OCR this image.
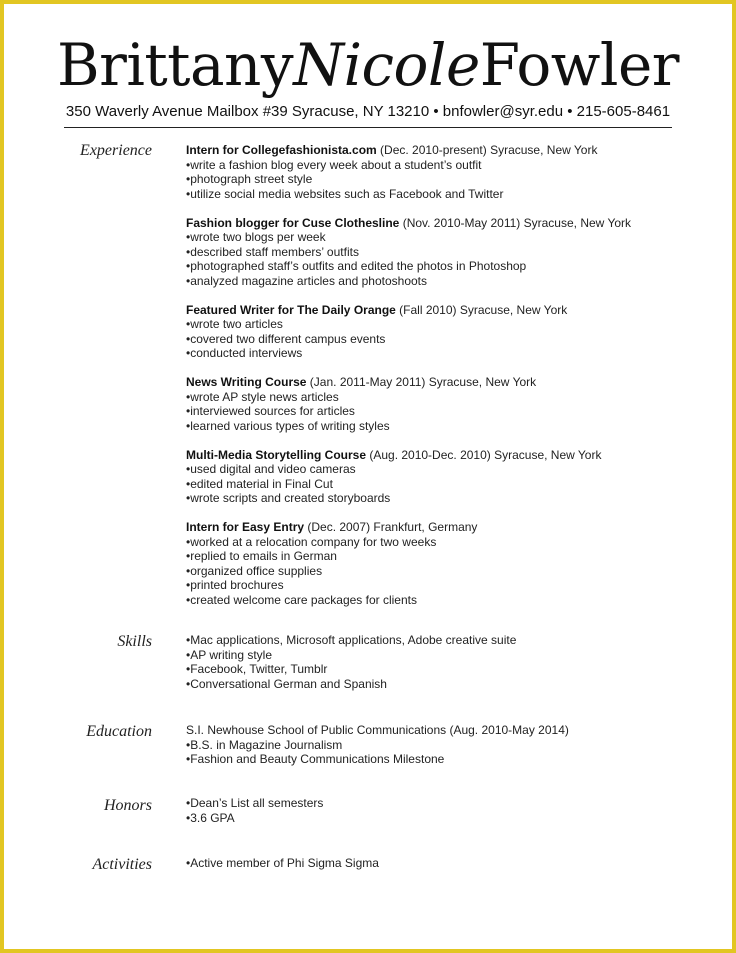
BrittanyNicoleFowler
350 Waverly Avenue Mailbox #39 Syracuse, NY 13210 • bnfowler@syr.edu • 215-605-8461
Experience	Intern for Collegefashionista.com (Dec. 2010-present) Syracuse, New York
•write a fashion blog every week about a student’s outfit
•photograph street style
•utilize social media websites such as Facebook and Twitter
Fashion blogger for Cuse Clothesline (Nov. 2010-May 2011) Syracuse, New York
•wrote two blogs per week
•described staff members’ outfits
•photographed staff’s outfits and edited the photos in Photoshop
•analyzed magazine articles and photoshoots
Featured Writer for The Daily Orange (Fall 2010) Syracuse, New York
•wrote two articles
•covered two different campus events
•conducted interviews
News Writing Course (Jan. 2011-May 2011) Syracuse, New York
•wrote AP style news articles
•interviewed sources for articles
•learned various types of writing styles
Multi-Media Storytelling Course (Aug. 2010-Dec. 2010) Syracuse, New York
•used digital and video cameras
•edited material in Final Cut
•wrote scripts and created storyboards
Intern for Easy Entry (Dec. 2007) Frankfurt, Germany
•worked at a relocation company for two weeks
•replied to emails in German
•organized office supplies
•printed brochures
•created welcome care packages for clients
Skills	•Mac applications, Microsoft applications, Adobe creative suite
•AP writing style
•Facebook, Twitter, Tumblr
•Conversational German and Spanish
Education	S.I. Newhouse School of Public Communications (Aug. 2010-May 2014)
•B.S. in Magazine Journalism
•Fashion and Beauty Communications Milestone
Honors	•Dean’s List all semesters
•3.6 GPA
Activities	•Active member of Phi Sigma Sigma
